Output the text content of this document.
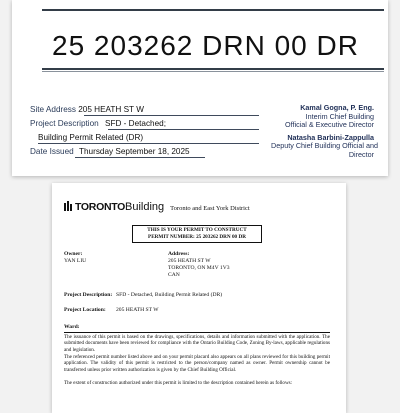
25 203262 DRN 00 DR
Site Address 205 HEATH ST W
Project Description SFD - Detached;
Building Permit Related (DR)
Date Issued Thursday September 18, 2025
Kamal Gogna, P. Eng.
Interim Chief Building
Official & Executive Director
Natasha Barbini-Zappulla
Deputy Chief Building Official and
Director
TORONTOBuilding Toronto and East York District
THIS IS YOUR PERMIT TO CONSTRUCT
PERMIT NUMBER: 25 203262 DRN 00 DR
Owner:
YAN LIU
Address:
205 HEATH ST W
TORONTO, ON M4V 1V3
CAN
Project Description: SFD - Detached, Building Permit Related (DR)
Project Location: 205 HEATH ST W
Ward:
The issuance of this permit is based on the drawings, specifications, details and information submitted with the application. The submitted documents have been reviewed for compliance with the Ontario Building Code, Zoning By-laws, applicable regulations and legislation.
The referenced permit number listed above and on your permit placard also appears on all plans reviewed for this building permit application. The validity of this permit is restricted to the person/company named as owner. Permit ownership cannot be transferred unless prior written authorization is given by the Chief Building Official.
The extent of construction authorized under this permit is limited to the description contained herein as follows:
